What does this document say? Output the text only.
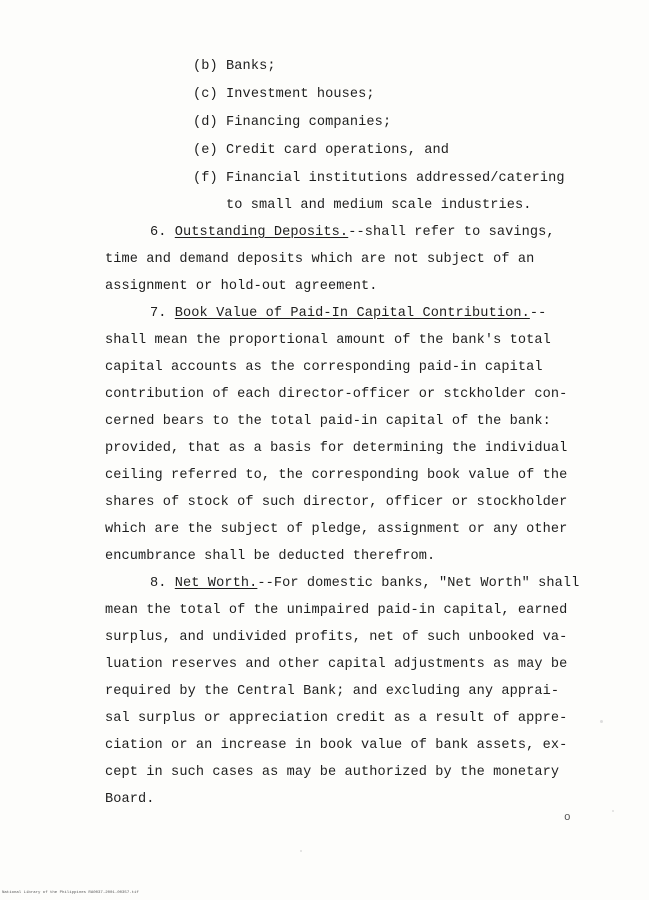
(b) Banks;
(c) Investment houses;
(d) Financing companies;
(e) Credit card operations, and
(f) Financial institutions addressed/catering
to small and medium scale industries.
6. Outstanding Deposits.--shall refer to savings,
time and demand deposits which are not subject of an
assignment or hold-out agreement.
7. Book Value of Paid-In Capital Contribution.--
shall mean the proportional amount of the bank's total
capital accounts as the corresponding paid-in capital
contribution of each director-officer or stckholder con-
cerned bears to the total paid-in capital of the bank:
provided, that as a basis for determining the individual
ceiling referred to, the corresponding book value of the
shares of stock of such director, officer or stockholder
which are the subject of pledge, assignment or any other
encumbrance shall be deducted therefrom.
8. Net Worth.--For domestic banks, "Net Worth" shall
mean the total of the unimpaired paid-in capital, earned
surplus, and undivided profits, net of such unbooked va-
luation reserves and other capital adjustments as may be
required by the Central Bank; and excluding any apprai-
sal surplus or appreciation credit as a result of appre-
ciation or an increase in book value of bank assets, ex-
cept in such cases as may be authorized by the monetary
Board.
o
National Library of the Philippines RA0037-2001-00357.tif
